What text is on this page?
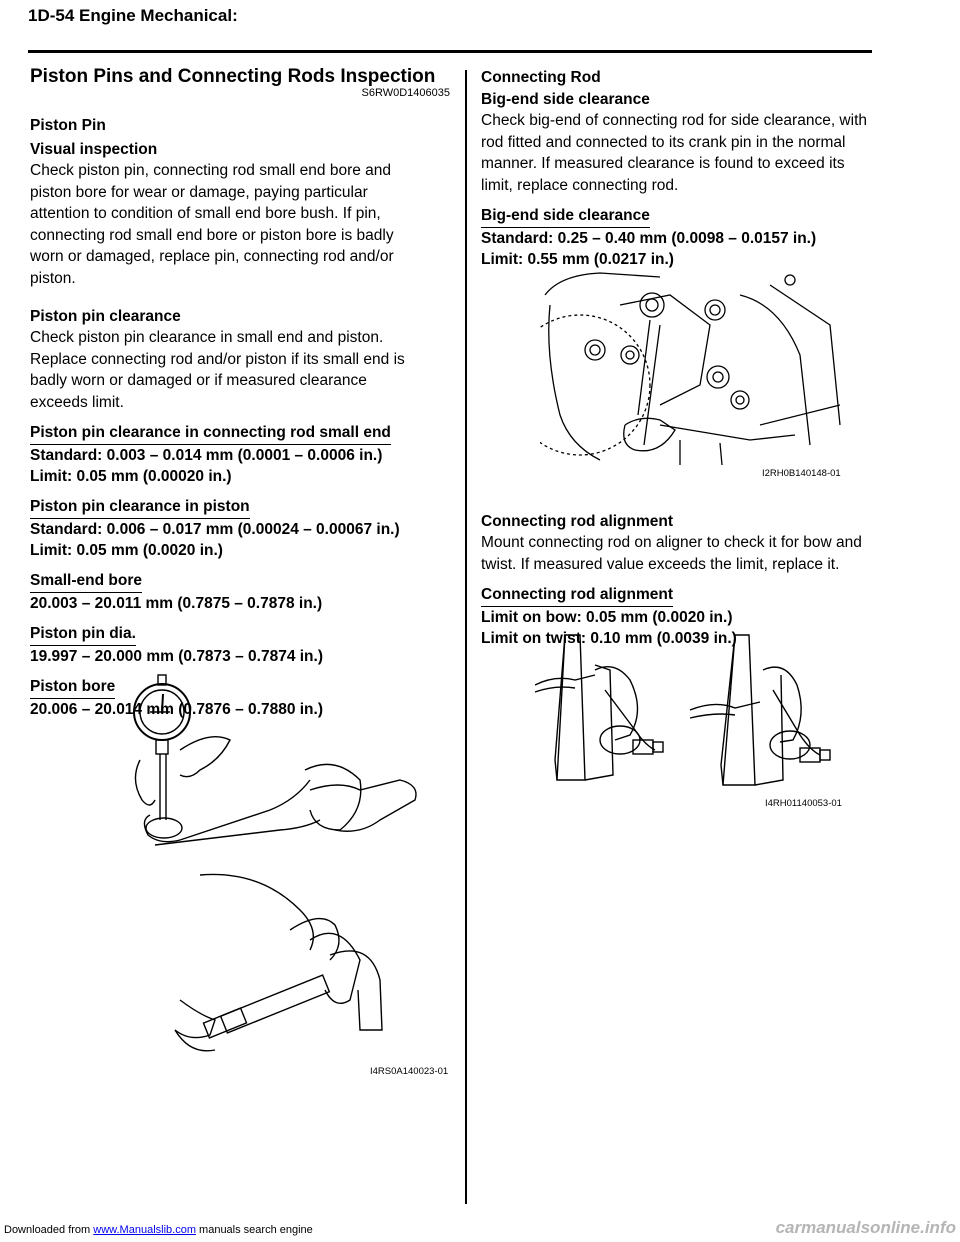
1D-54 Engine Mechanical:
Piston Pins and Connecting Rods Inspection
S6RW0D1406035
Piston Pin
Visual inspection
Check piston pin, connecting rod small end bore and
piston bore for wear or damage, paying particular
attention to condition of small end bore bush. If pin,
connecting rod small end bore or piston bore is badly
worn or damaged, replace pin, connecting rod and/or
piston.
Piston pin clearance
Check piston pin clearance in small end and piston.
Replace connecting rod and/or piston if its small end is
badly worn or damaged or if measured clearance
exceeds limit.
Piston pin clearance in connecting rod small end
Standard: 0.003 – 0.014 mm (0.0001 – 0.0006 in.)
Limit: 0.05 mm (0.00020 in.)
Piston pin clearance in piston
Standard: 0.006 – 0.017 mm (0.00024 – 0.00067 in.)
Limit: 0.05 mm (0.0020 in.)
Small-end bore
20.003 – 20.011 mm (0.7875 – 0.7878 in.)
Piston pin dia.
19.997 – 20.000 mm (0.7873 – 0.7874 in.)
Piston bore
20.006 – 20.014 mm (0.7876 – 0.7880 in.)
I4RS0A140023-01
Connecting Rod
Big-end side clearance
Check big-end of connecting rod for side clearance, with
rod fitted and connected to its crank pin in the normal
manner. If measured clearance is found to exceed its
limit, replace connecting rod.
Big-end side clearance
Standard: 0.25 – 0.40 mm (0.0098 – 0.0157 in.)
Limit: 0.55 mm (0.0217 in.)
Connecting rod alignment
Mount connecting rod on aligner to check it for bow and
twist. If measured value exceeds the limit, replace it.
Connecting rod alignment
Limit on bow: 0.05 mm (0.0020 in.)
Limit on twist: 0.10 mm (0.0039 in.)
I2RH0B140148-01
I4RH01140053-01
Downloaded from www.Manualslib.com manuals search engine	carmanualsonline.info
